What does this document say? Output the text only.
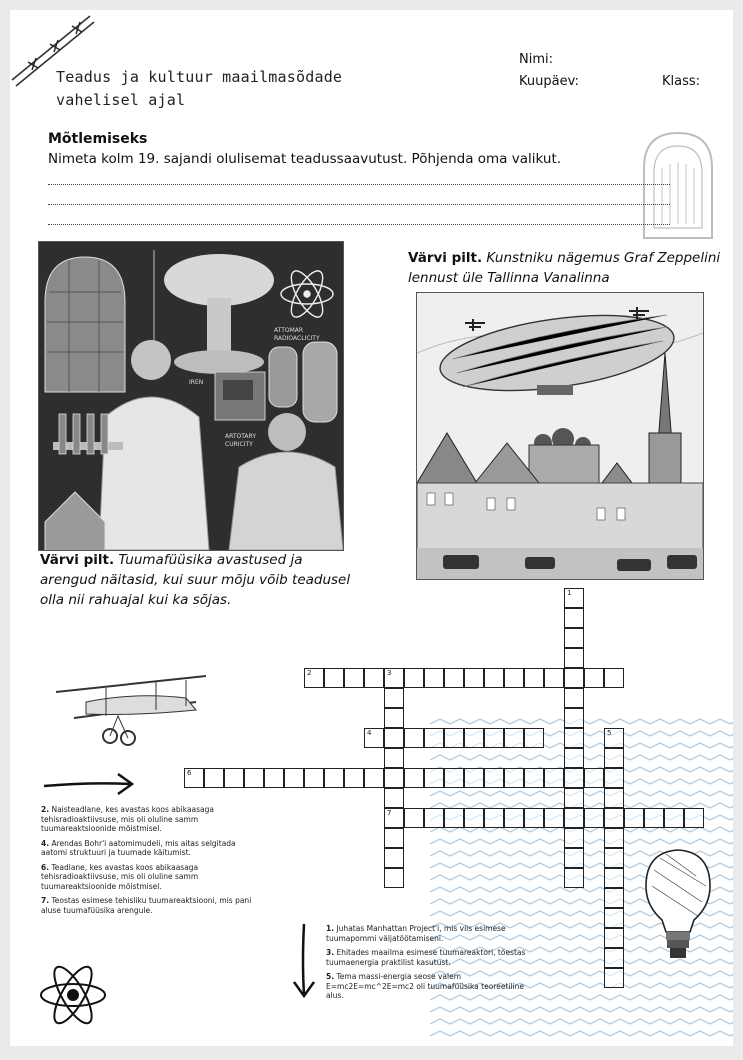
Teadus ja kultuur maailmasõdade
vahelisel ajal
Nimi:
Kuupäev:	Klass:
Mõtlemiseks
Nimeta kolm 19. sajandi olulisemat teadussaavutust. Põhjenda oma valikut.
ATTOMAR
RADIOACLICITY
IREN
ARTOTARY
CURICITY
Värvi pilt. Tuumafüüsika avastused ja
arengud näitasid, kui suur mõju võib teadusel
olla nii rahuajal kui ka sõjas.
Värvi pilt. Kunstniku nägemus Graf Zeppelini
lennust üle Tallinna Vanalinna
1
2	3
7
4	5
6
2. Naisteadlane, kes avastas koos abikaasaga tehisradioaktiivsuse, mis oli oluline samm tuumareaktsioonide mõistmisel.
4. Arendas Bohr'i aatomimudeli, mis aitas selgitada aatomi struktuuri ja tuumade käitumist.
6. Teadlane, kes avastas koos abikaasaga tehisradioaktiivsuse, mis oli oluline samm tuumareaktsioonide mõistmisel.
7. Teostas esimese tehisliku tuumareaktsiooni, mis pani aluse tuumafüüsika arengule.
1. Juhatas Manhattan Project'i, mis viis esimese tuumapommi väljatöötamiseni.
3. Ehitades maailma esimese tuumareaktori, tõestas tuumaenergia praktilist kasutust.
5. Tema massi-energia seose valem E=mc2E=mc^2E=mc2 oli tuumafüüsika teoreetiline alus.
